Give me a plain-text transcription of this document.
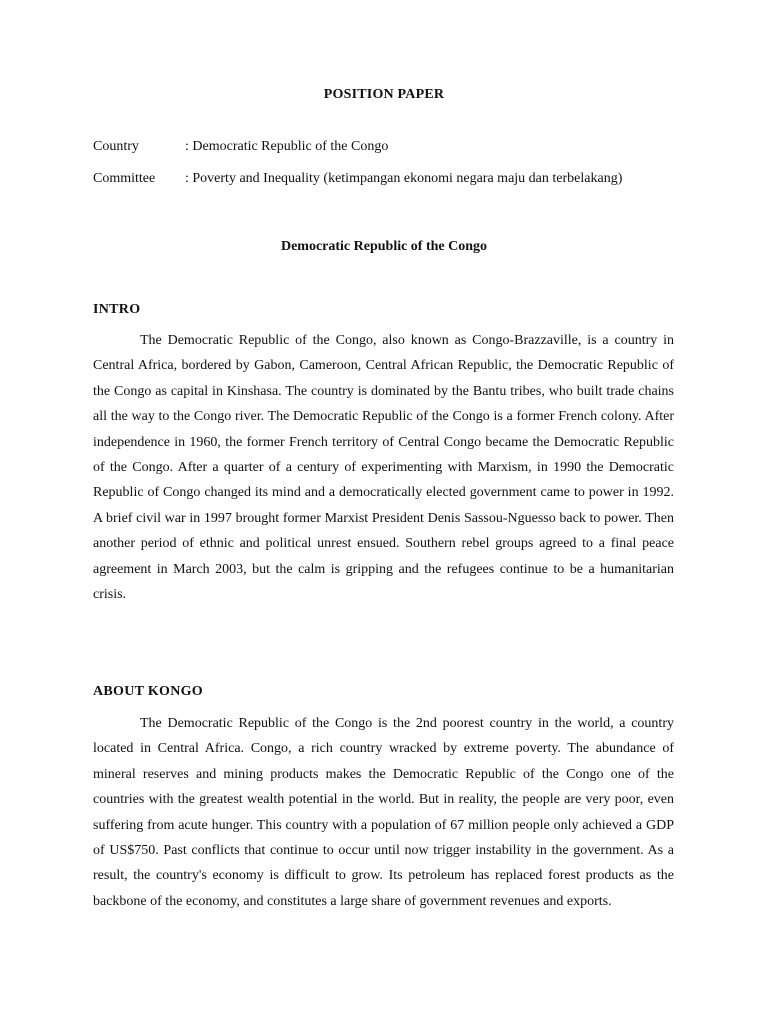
POSITION PAPER
Country	: Democratic Republic of the Congo
Committee : Poverty and Inequality (ketimpangan ekonomi negara maju dan terbelakang)
Democratic Republic of the Congo
INTRO

The Democratic Republic of the Congo, also known as Congo-Brazzaville, is a country in Central Africa, bordered by Gabon, Cameroon, Central African Republic, the Democratic Republic of the Congo as capital in Kinshasa. The country is dominated by the Bantu tribes, who built trade chains all the way to the Congo river. The Democratic Republic of the Congo is a former French colony. After independence in 1960, the former French territory of Central Congo became the Democratic Republic of the Congo. After a quarter of a century of experimenting with Marxism, in 1990 the Democratic Republic of Congo changed its mind and a democratically elected government came to power in 1992. A brief civil war in 1997 brought former Marxist President Denis Sassou-Nguesso back to power. Then another period of ethnic and political unrest ensued. Southern rebel groups agreed to a final peace agreement in March 2003, but the calm is gripping and the refugees continue to be a humanitarian crisis.

ABOUT KONGO

The Democratic Republic of the Congo is the 2nd poorest country in the world, a country located in Central Africa. Congo, a rich country wracked by extreme poverty. The abundance of mineral reserves and mining products makes the Democratic Republic of the Congo one of the countries with the greatest wealth potential in the world. But in reality, the people are very poor, even suffering from acute hunger. This country with a population of 67 million people only achieved a GDP of US$750. Past conflicts that continue to occur until now trigger instability in the government. As a result, the country's economy is difficult to grow. Its petroleum has replaced forest products as the backbone of the economy, and constitutes a large share of government revenues and exports.
